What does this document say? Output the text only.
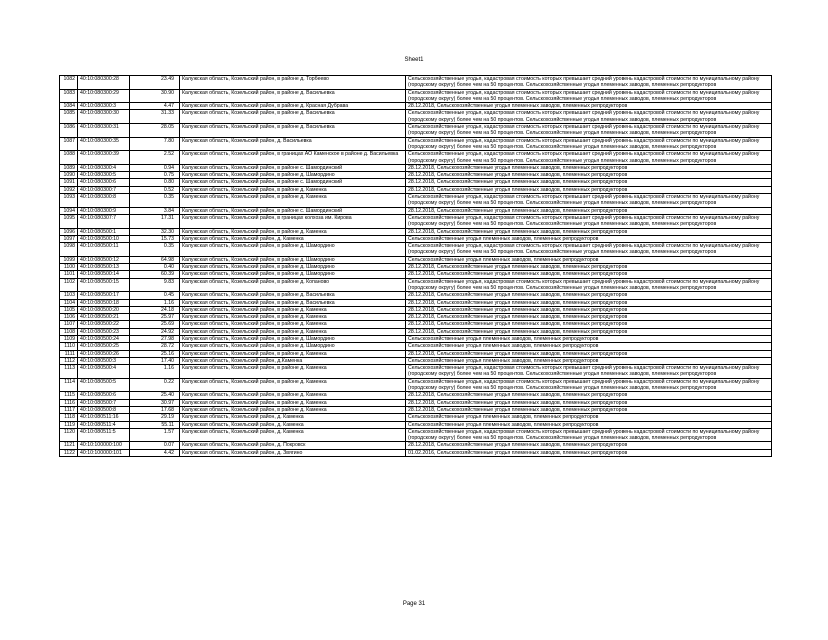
Sheet1
1082	40:10:080300:28	23.49	Калужская область, Козельский район, в районе д. Торбеево	Сельскохозяйственные угодья, кадастровая стоимость которых превышает средний уровень кадастровой стоимости по муниципальному району (городскому округу) более чем на 50 процентов. Сельскохозяйственные угодья племенных заводов, племенных репродукторов
1083	40:10:080300:29	30.90	Калужская область, Козельский район, в районе д. Васильевка	Сельскохозяйственные угодья, кадастровая стоимость которых превышает средний уровень кадастровой стоимости по муниципальному району (городскому округу) более чем на 50 процентов. Сельскохозяйственные угодья племенных заводов, племенных репродукторов
1084	40:10:080300:3	4.47	Калужская область, Козельский район, в районе д. Красная Дубрава	28.12.2018, Сельскохозяйственные угодья племенных заводов, племенных репродукторов
1085	40:10:080300:30	31.33	Калужская область, Козельский район, в районе д. Васильевка	Сельскохозяйственные угодья, кадастровая стоимость которых превышает средний уровень кадастровой стоимости по муниципальному району (городскому округу) более чем на 50 процентов. Сельскохозяйственные угодья племенных заводов, племенных репродукторов
1086	40:10:080300:31	28.05	Калужская область, Козельский район, в районе д. Васильевка	Сельскохозяйственные угодья, кадастровая стоимость которых превышает средний уровень кадастровой стоимости по муниципальному району (городскому округу) более чем на 50 процентов. Сельскохозяйственные угодья племенных заводов, племенных репродукторов
1087	40:10:080300:35	7.80	Калужская область, Козельский район, д. Васильевка	Сельскохозяйственные угодья, кадастровая стоимость которых превышает средний уровень кадастровой стоимости по муниципальному району (городскому округу) более чем на 50 процентов. Сельскохозяйственные угодья племенных заводов, племенных репродукторов
1088	40:10:080300:39	2.52	Калужская область, Козельский район, в границах АО Каменское в районе д. Васильевка	Сельскохозяйственные угодья, кадастровая стоимость которых превышает средний уровень кадастровой стоимости по муниципальному району (городскому округу) более чем на 50 процентов. Сельскохозяйственные угодья племенных заводов, племенных репродукторов
1089	40:10:080300:4	0.94	Калужская область, Козельский район, в районе с. Шамординский	28.12.2018, Сельскохозяйственные угодья племенных заводов, племенных репродукторов
1090	40:10:080300:5	0.75	Калужская область, Козельский район, в районе д. Шамордино	28.12.2018, Сельскохозяйственные угодья племенных заводов, племенных репродукторов
1091	40:10:080300:6	0.80	Калужская область, Козельский район, в районе с. Шамординский	28.12.2018, Сельскохозяйственные угодья племенных заводов, племенных репродукторов
1092	40:10:080300:7	0.52	Калужская область, Козельский район, в районе д. Каменка	28.12.2018, Сельскохозяйственные угодья племенных заводов, племенных репродукторов
1093	40:10:080300:8	0.35	Калужская область, Козельский район, в районе д. Каменка	Сельскохозяйственные угодья, кадастровая стоимость которых превышает средний уровень кадастровой стоимости по муниципальному району (городскому округу) более чем на 50 процентов. Сельскохозяйственные угодья племенных заводов, племенных репродукторов
1094	40:10:080300:9	3.84	Калужская область, Козельский район, в районе с. Шамординский	28.12.2018, Сельскохозяйственные угодья племенных заводов, племенных репродукторов
1095	40:10:080307:7	17.31	Калужская область, Козельский район, в границах колхоза им. Кирова	Сельскохозяйственные угодья, кадастровая стоимость которых превышает средний уровень кадастровой стоимости по муниципальному району (городскому округу) более чем на 50 процентов. Сельскохозяйственные угодья племенных заводов, племенных репродукторов
1096	40:10:080500:1	32.30	Калужская область, Козельский район, в районе д. Каменка	28.12.2018, Сельскохозяйственные угодья племенных заводов, племенных репродукторов
1097	40:10:080500:10	15.73	Калужская область, Козельский район, д. Каменка	Сельскохозяйственные угодья племенных заводов, племенных репродукторов
1098	40:10:080500:11	0.35	Калужская область, Козельский район, в районе д. Шамордино	Сельскохозяйственные угодья, кадастровая стоимость которых превышает средний уровень кадастровой стоимости по муниципальному району (городскому округу) более чем на 50 процентов. Сельскохозяйственные угодья племенных заводов, племенных репродукторов
1099	40:10:080500:12	64.98	Калужская область, Козельский район, в районе д. Шамордино	Сельскохозяйственные угодья племенных заводов, племенных репродукторов
1100	40:10:080500:13	0.40	Калужская область, Козельский район, в районе д. Шамордино	28.12.2018, Сельскохозяйственные угодья племенных заводов, племенных репродукторов
1101	40:10:080500:14	60.39	Калужская область, Козельский район, в районе д. Шамордино	28.12.2018, Сельскохозяйственные угодья племенных заводов, племенных репродукторов
1102	40:10:080500:15	9.83	Калужская область, Козельский район, в районе д. Копаново	Сельскохозяйственные угодья, кадастровая стоимость которых превышает средний уровень кадастровой стоимости по муниципальному району (городскому округу) более чем на 50 процентов. Сельскохозяйственные угодья племенных заводов, племенных репродукторов
1103	40:10:080500:17	0.45	Калужская область, Козельский район, в районе д. Васильевка	28.12.2018, Сельскохозяйственные угодья племенных заводов, племенных репродукторов
1104	40:10:080500:18	1.16	Калужская область, Козельский район, в районе д. Васильевка	28.12.2018, Сельскохозяйственные угодья племенных заводов, племенных репродукторов
1105	40:10:080500:20	24.18	Калужская область, Козельский район, в районе д. Каменка	28.12.2018, Сельскохозяйственные угодья племенных заводов, племенных репродукторов
1106	40:10:080500:21	25.97	Калужская область, Козельский район, в районе д. Каменка	28.12.2018, Сельскохозяйственные угодья племенных заводов, племенных репродукторов
1107	40:10:080500:22	25.69	Калужская область, Козельский район, в районе д. Каменка	28.12.2018, Сельскохозяйственные угодья племенных заводов, племенных репродукторов
1108	40:10:080500:23	24.92	Калужская область, Козельский район, в районе д. Каменка	28.12.2018, Сельскохозяйственные угодья племенных заводов, племенных репродукторов
1109	40:10:080500:24	27.98	Калужская область, Козельский район, в районе д. Шамордино	Сельскохозяйственные угодья племенных заводов, племенных репродукторов
1110	40:10:080500:25	28.72	Калужская область, Козельский район, в районе д. Шамордино	Сельскохозяйственные угодья племенных заводов, племенных репродукторов
1111	40:10:080500:26	25.16	Калужская область, Козельский район, в районе д. Каменка	28.12.2018, Сельскохозяйственные угодья племенных заводов, племенных репродукторов
1112	40:10:080500:3	17.40	Калужская область, Козельский район, д.Каменка	Сельскохозяйственные угодья племенных заводов, племенных репродукторов
1113	40:10:080500:4	1.16	Калужская область, Козельский район, в районе д. Каменка	Сельскохозяйственные угодья, кадастровая стоимость которых превышает средний уровень кадастровой стоимости по муниципальному району (городскому округу) более чем на 50 процентов. Сельскохозяйственные угодья племенных заводов, племенных репродукторов
1114	40:10:080500:5	0.22	Калужская область, Козельский район, в районе д. Каменка	Сельскохозяйственные угодья, кадастровая стоимость которых превышает средний уровень кадастровой стоимости по муниципальному району (городскому округу) более чем на 50 процентов. Сельскохозяйственные угодья племенных заводов, племенных репродукторов
1115	40:10:080500:6	25.40	Калужская область, Козельский район, в районе д. Каменка	28.12.2018, Сельскохозяйственные угодья племенных заводов, племенных репродукторов
1116	40:10:080500:7	30.97	Калужская область, Козельский район, в районе д. Каменка	28.12.2018, Сельскохозяйственные угодья племенных заводов, племенных репродукторов
1117	40:10:080500:8	17.68	Калужская область, Козельский район, в районе д. Каменка	28.12.2018, Сельскохозяйственные угодья племенных заводов, племенных репродукторов
1118	40:10:080511:16	29.19	Калужская область, Козельский район, д. Каменка	Сельскохозяйственные угодья племенных заводов, племенных репродукторов
1119	40:10:080511:4	55.11	Калужская область, Козельский район, д. Каменка	Сельскохозяйственные угодья племенных заводов, племенных репродукторов
1120	40:10:080511:5	1.57	Калужская область, Козельский район, д. Каменка	Сельскохозяйственные угодья, кадастровая стоимость которых превышает средний уровень кадастровой стоимости по муниципальному району (городскому округу) более чем на 50 процентов. Сельскохозяйственные угодья племенных заводов, племенных репродукторов
1121	40:10:100000:100	0.07	Калужская область, Козельский район, д. Покровск	28.12.2018, Сельскохозяйственные угодья племенных заводов, племенных репродукторов
1122	40:10:100000:101	4.42	Калужская область, Козельский район, д. Звягино	01.02.2016, Сельскохозяйственные угодья племенных заводов, племенных репродукторов
Page 31
